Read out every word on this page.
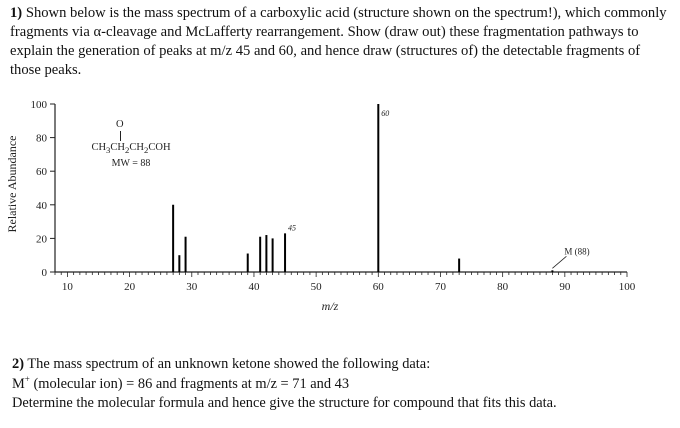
1) Shown below is the mass spectrum of a carboxylic acid (structure shown on the spectrum!), which commonly fragments via α-cleavage and McLafferty rearrangement. Show (draw out) these fragmentation pathways to explain the generation of peaks at m/z 45 and 60, and hence draw (structures of) the detectable fragments of those peaks.
0
20
40
60
80
100
10	20	30	40	50	60	70	80	90	100
60
45
M (88)
Relative Abundance
m/z
O
$CH_3CH_2CH_2COH$
MW = 88
2) The mass spectrum of an unknown ketone showed the following data:
M+ (molecular ion) = 86 and fragments at m/z = 71 and 43
Determine the molecular formula and hence give the structure for compound that fits this data.
